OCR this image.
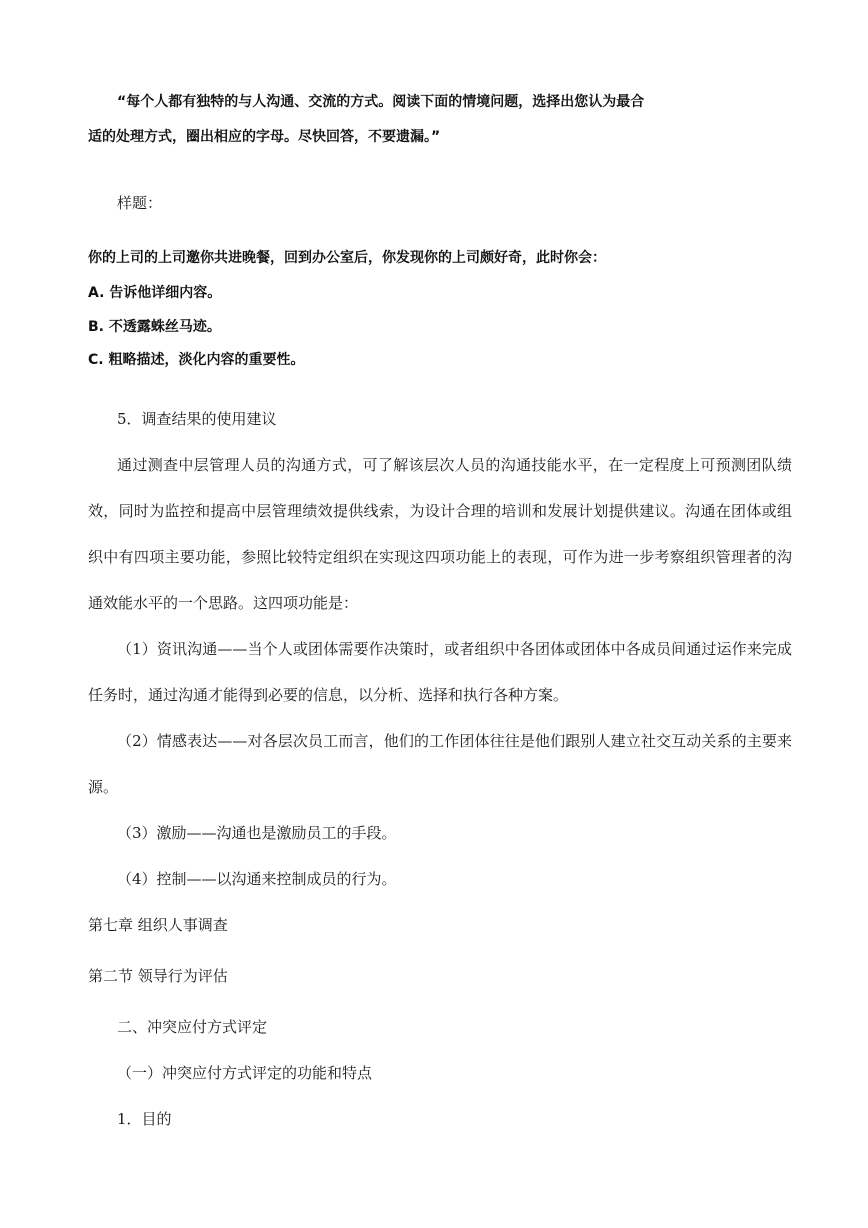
“每个人都有独特的与人沟通、交流的方式。阅读下面的情境问题，选择出您认为最合
适的处理方式，圈出相应的字母。尽快回答，不要遗漏。”
样题：
你的上司的上司邀你共进晚餐，回到办公室后，你发现你的上司颇好奇，此时你会：
A. 告诉他详细内容。
B. 不透露蛛丝马迹。
C. 粗略描述，淡化内容的重要性。
5．调查结果的使用建议
通过测查中层管理人员的沟通方式，可了解该层次人员的沟通技能水平，在一定程度上可预测团队绩
效，同时为监控和提高中层管理绩效提供线索，为设计合理的培训和发展计划提供建议。沟通在团体或组
织中有四项主要功能，参照比较特定组织在实现这四项功能上的表现，可作为进一步考察组织管理者的沟
通效能水平的一个思路。这四项功能是：
（1）资讯沟通——当个人或团体需要作决策时，或者组织中各团体或团体中各成员间通过运作来完成
任务时，通过沟通才能得到必要的信息，以分析、选择和执行各种方案。
（2）情感表达——对各层次员工而言，他们的工作团体往往是他们跟别人建立社交互动关系的主要来
源。
（3）激励——沟通也是激励员工的手段。
（4）控制——以沟通来控制成员的行为。
第七章 组织人事调查
第二节 领导行为评估
二、冲突应付方式评定
（一）冲突应付方式评定的功能和特点
1．目的
